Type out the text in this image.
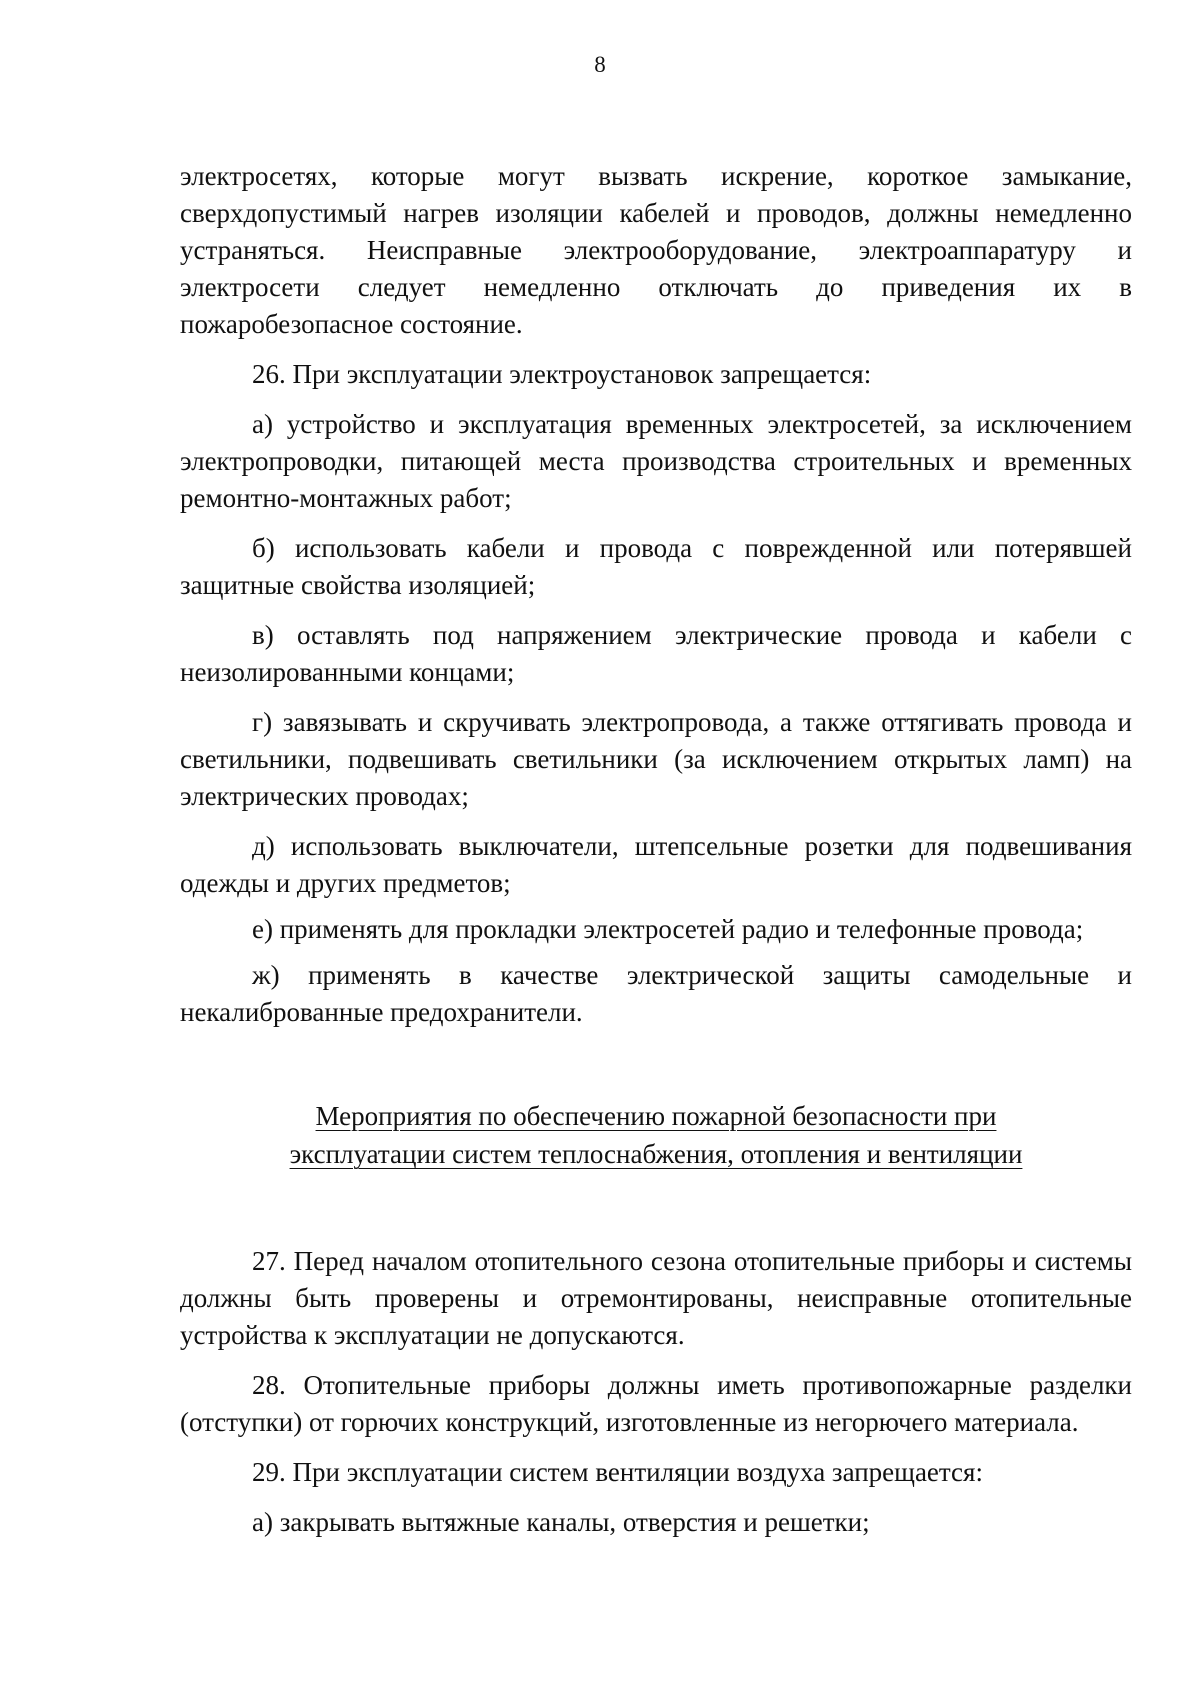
8

электросетях, которые могут вызвать искрение, короткое замыкание, сверхдопустимый нагрев изоляции кабелей и проводов, должны немедленно устраняться. Неисправные электрооборудование, электроаппаратуру и электросети следует немедленно отключать до приведения их в пожаробезопасное состояние.

26. При эксплуатации электроустановок запрещается:

а) устройство и эксплуатация временных электросетей, за исключением электропроводки, питающей места производства строительных и временных ремонтно-монтажных работ;

б) использовать кабели и провода с поврежденной или потерявшей защитные свойства изоляцией;

в) оставлять под напряжением электрические провода и кабели с неизолированными концами;

г) завязывать и скручивать электропровода, а также оттягивать провода и светильники, подвешивать светильники (за исключением открытых ламп) на электрических проводах;

д) использовать выключатели, штепсельные розетки для подвешивания одежды и других предметов;

е) применять для прокладки электросетей радио и телефонные провода;

ж) применять в качестве электрической защиты самодельные и некалиброванные предохранители.

Мероприятия по обеспечению пожарной безопасности при
эксплуатации систем теплоснабжения, отопления и вентиляции

27. Перед началом отопительного сезона отопительные приборы и системы должны быть проверены и отремонтированы, неисправные отопительные устройства к эксплуатации не допускаются.

28. Отопительные приборы должны иметь противопожарные разделки (отступки) от горючих конструкций, изготовленные из негорючего материала.

29. При эксплуатации систем вентиляции воздуха запрещается:

а) закрывать вытяжные каналы, отверстия и решетки;
